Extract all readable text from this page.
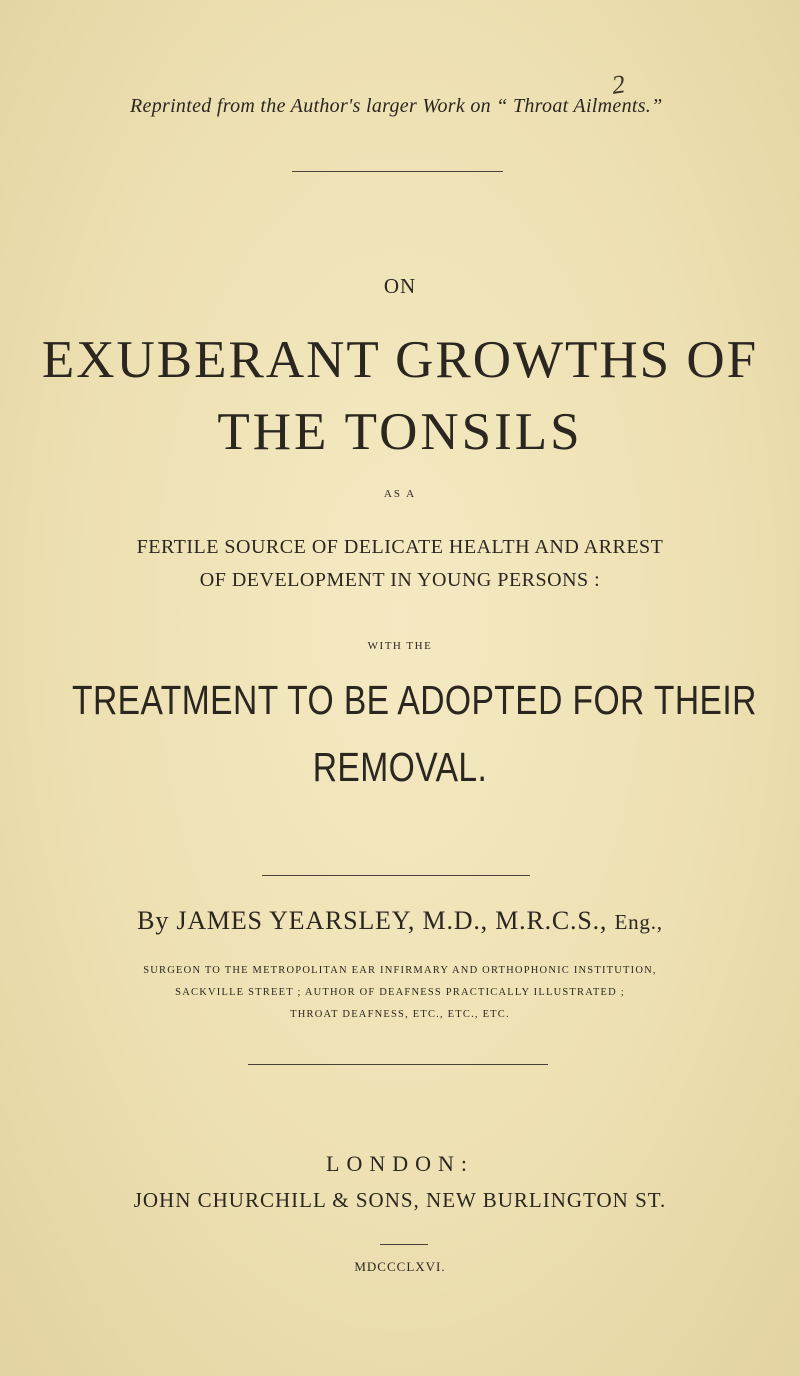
2
Reprinted from the Author's larger Work on “ Throat Ailments.”
ON
EXUBERANT GROWTHS OF
THE TONSILS
AS A
FERTILE SOURCE OF DELICATE HEALTH AND ARREST
OF DEVELOPMENT IN YOUNG PERSONS :
WITH THE
TREATMENT TO BE ADOPTED FOR THEIR
REMOVAL.
By JAMES YEARSLEY, M.D., M.R.C.S., Eng.,
SURGEON TO THE METROPOLITAN EAR INFIRMARY AND ORTHOPHONIC INSTITUTION,
SACKVILLE STREET ; AUTHOR OF DEAFNESS PRACTICALLY ILLUSTRATED ;
THROAT DEAFNESS, ETC., ETC., ETC.
LONDON:
JOHN CHURCHILL & SONS, NEW BURLINGTON ST.
MDCCCLXVI.
